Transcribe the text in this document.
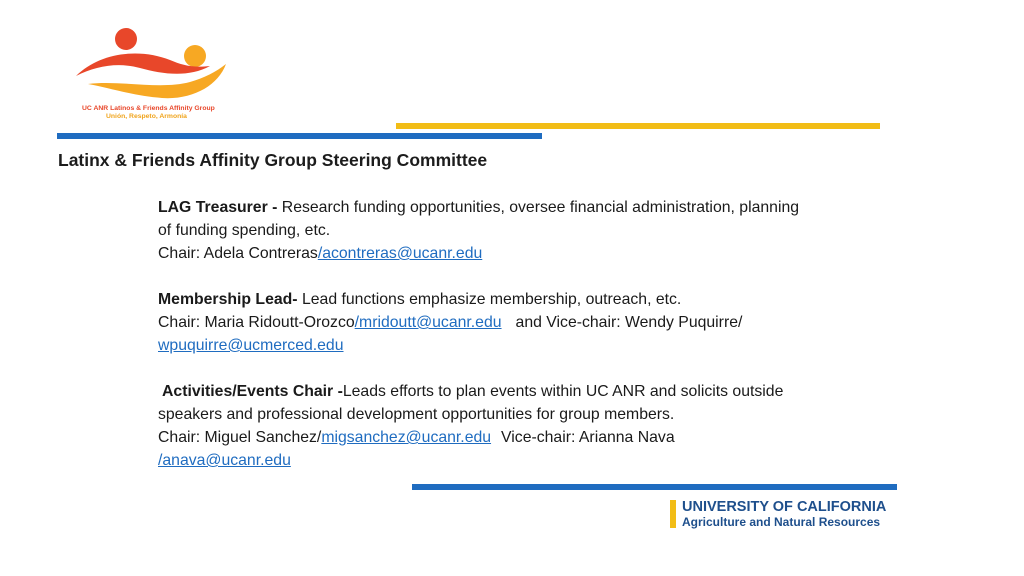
UC ANR Latinos & Friends Affinity Group
Unión, Respeto, Armonía
Latinx & Friends Affinity Group Steering Committee

LAG Treasurer - Research funding opportunities, oversee financial administration, planning

of funding spending, etc.

Chair: Adela Contreras/acontreras@ucanr.edu

Membership Lead- Lead functions emphasize membership, outreach, etc.

Chair: Maria Ridoutt-Orozco/mridoutt@ucanr.edu and Vice-chair: Wendy Puquirre/

wpuquirre@ucmerced.edu

Activities/Events Chair -Leads efforts to plan events within UC ANR and solicits outside

speakers and professional development opportunities for group members.

Chair: Miguel Sanchez/migsanchez@ucanr.edu Vice-chair: Arianna Nava

/anava@ucanr.edu

UNIVERSITY OF CALIFORNIA
Agriculture and Natural Resources
